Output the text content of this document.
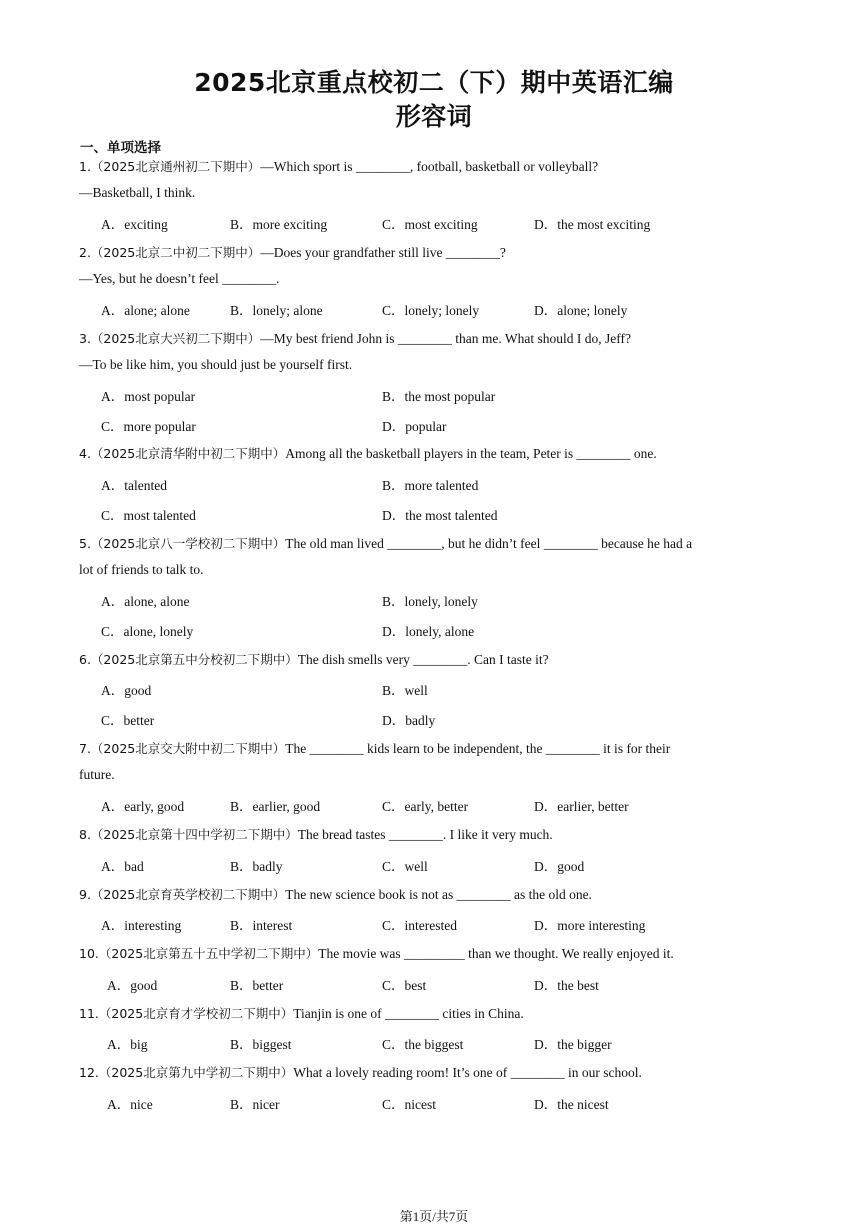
2025北京重点校初二（下）期中英语汇编
形容词
一、单项选择
1.（2025北京通州初二下期中）—Which sport is ________, football, basketball or volleyball?
—Basketball, I think.
A．exciting	B．more exciting	C．most exciting	D．the most exciting
2.（2025北京二中初二下期中）—Does your grandfather still live ________?
—Yes, but he doesn’t feel ________.
A．alone; alone	B．lonely; alone	C．lonely; lonely	D．alone; lonely
3.（2025北京大兴初二下期中）—My best friend John is ________ than me. What should I do, Jeff?
—To be like him, you should just be yourself first.
A．most popular	B．the most popular
C．more popular	D．popular
4.（2025北京清华附中初二下期中）Among all the basketball players in the team, Peter is ________ one.
A．talented	B．more talented
C．most talented	D．the most talented
5.（2025北京八一学校初二下期中）The old man lived ________, but he didn’t feel ________ because he had a
lot of friends to talk to.
A．alone, alone	B．lonely, lonely
C．alone, lonely	D．lonely, alone
6.（2025北京第五中分校初二下期中）The dish smells very ________. Can I taste it?
A．good	B．well
C．better	D．badly
7.（2025北京交大附中初二下期中）The ________ kids learn to be independent, the ________ it is for their
future.
A．early, good	B．earlier, good	C．early, better	D．earlier, better
8.（2025北京第十四中学初二下期中）The bread tastes ________. I like it very much.
A．bad	B．badly	C．well	D．good
9.（2025北京育英学校初二下期中）The new science book is not as ________ as the old one.
A．interesting	B．interest	C．interested	D．more interesting
10.（2025北京第五十五中学初二下期中）The movie was _________ than we thought. We really enjoyed it.
A．good	B．better	C．best	D．the best
11.（2025北京育才学校初二下期中）Tianjin is one of ________ cities in China.
A．big	B．biggest	C．the biggest	D．the bigger
12.（2025北京第九中学初二下期中）What a lovely reading room! It’s one of ________ in our school.
A．nice	B．nicer	C．nicest	D．the nicest
第1页/共7页
